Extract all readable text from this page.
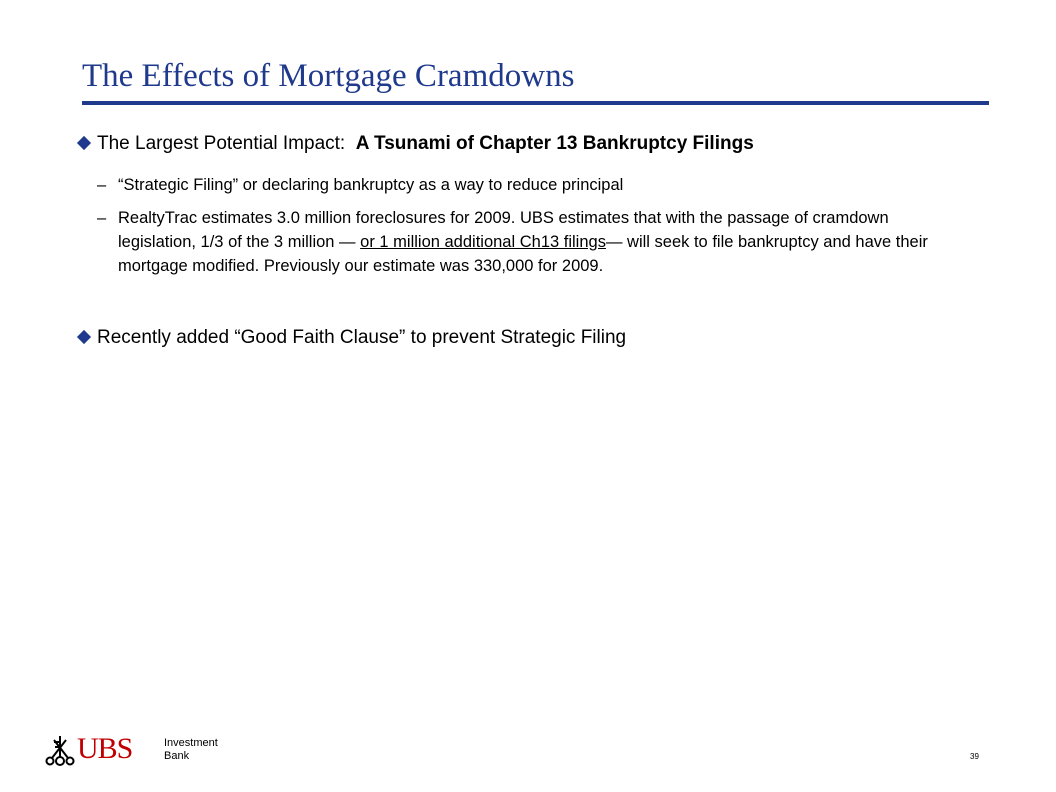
The Effects of Mortgage Cramdowns
The Largest Potential Impact:  A Tsunami of Chapter 13 Bankruptcy Filings
– “Strategic Filing” or declaring bankruptcy as a way to reduce principal
– RealtyTrac estimates 3.0 million foreclosures for 2009. UBS estimates that with the passage of cramdown legislation, 1/3 of the 3 million — or 1 million additional Ch13 filings— will seek to file bankruptcy and have their mortgage modified. Previously our estimate was 330,000 for 2009.
Recently added “Good Faith Clause” to prevent Strategic Filing
UBS	Investment
Bank	39
